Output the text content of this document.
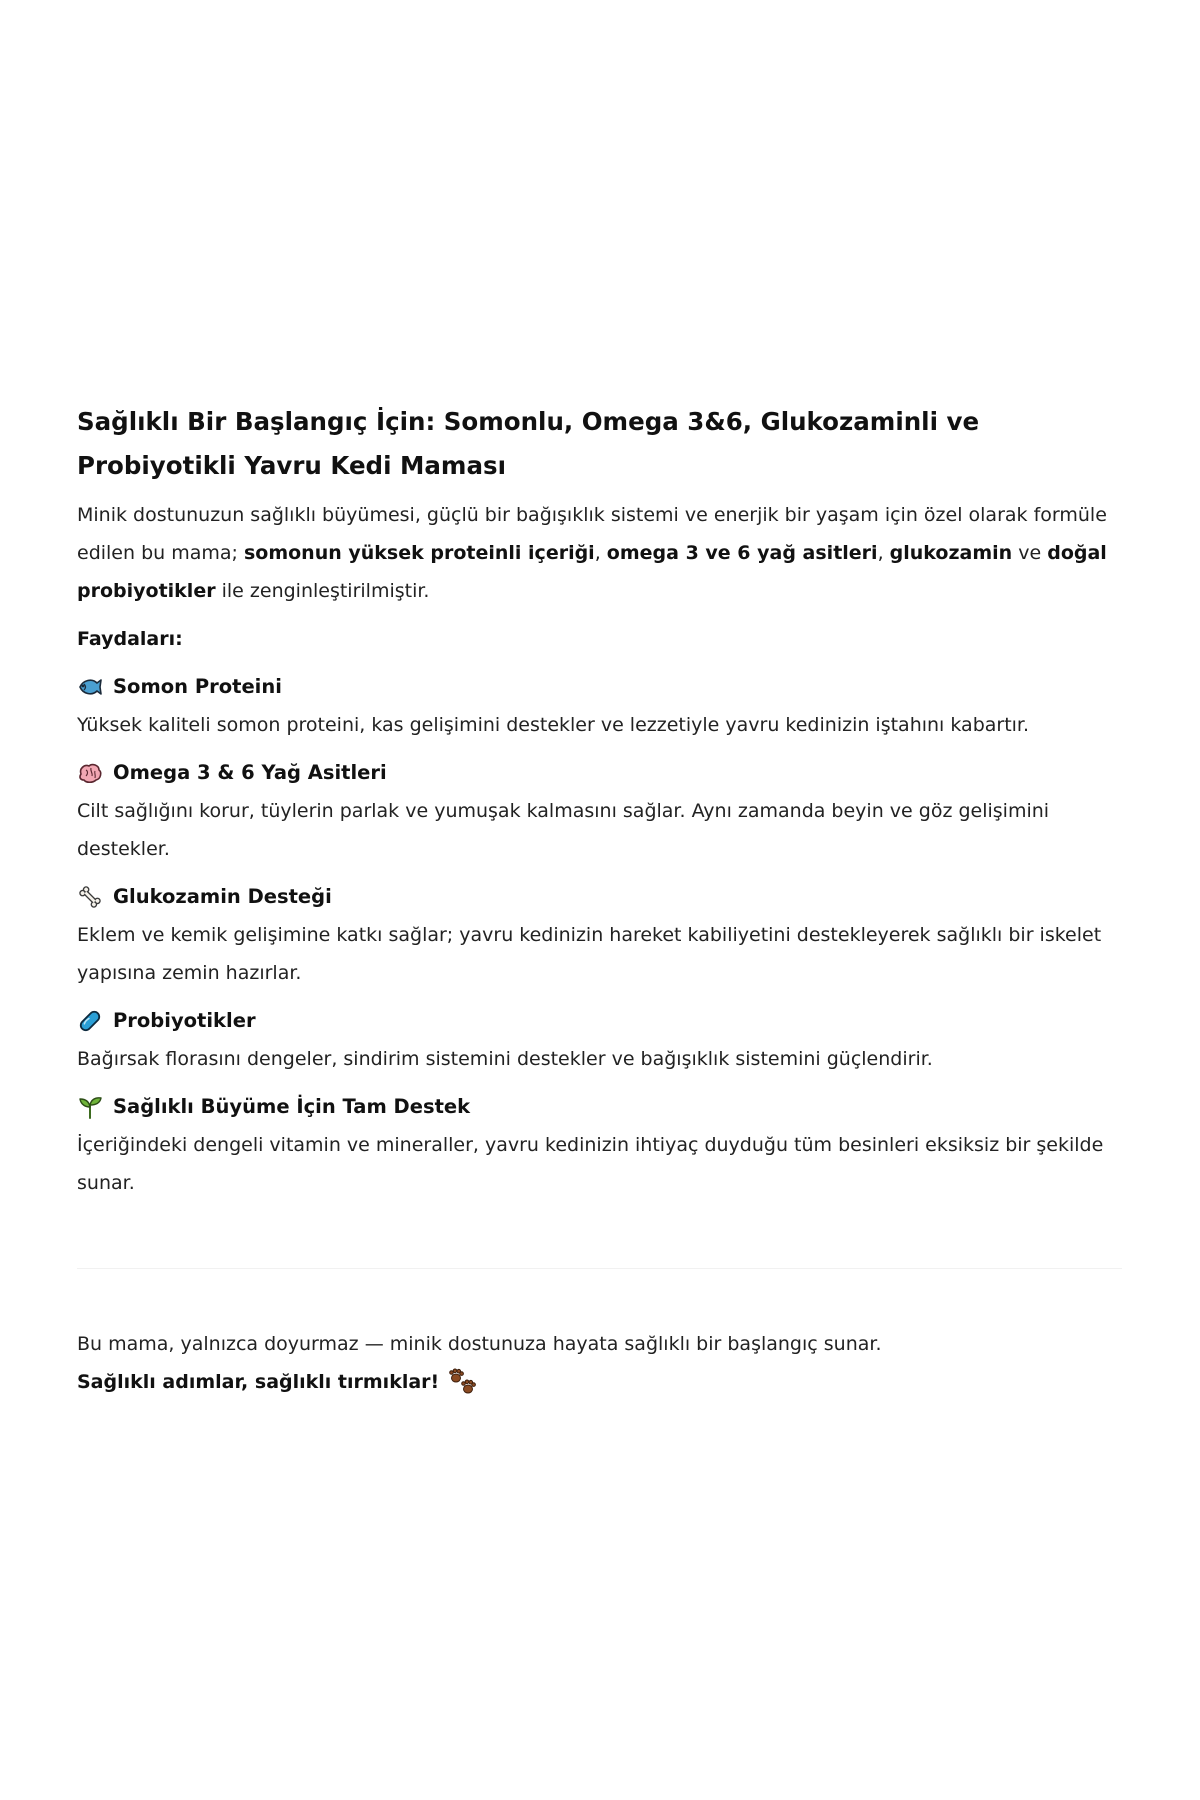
Sağlıklı Bir Başlangıç İçin: Somonlu, Omega 3&6, Glukozaminli ve Probiyotikli Yavru Kedi Maması

Minik dostunuzun sağlıklı büyümesi, güçlü bir bağışıklık sistemi ve enerjik bir yaşam için özel olarak formüle edilen bu mama; somonun yüksek proteinli içeriği, omega 3 ve 6 yağ asitleri, glukozamin ve doğal probiyotikler ile zenginleştirilmiştir.

Faydaları:
Somon Proteini
Yüksek kaliteli somon proteini, kas gelişimini destekler ve lezzetiyle yavru kedinizin iştahını kabartır.
Omega 3 & 6 Yağ Asitleri
Cilt sağlığını korur, tüylerin parlak ve yumuşak kalmasını sağlar. Aynı zamanda beyin ve göz gelişimini destekler.
Glukozamin Desteği
Eklem ve kemik gelişimine katkı sağlar; yavru kedinizin hareket kabiliyetini destekleyerek sağlıklı bir iskelet yapısına zemin hazırlar.
Probiyotikler
Bağırsak florasını dengeler, sindirim sistemini destekler ve bağışıklık sistemini güçlendirir.
Sağlıklı Büyüme İçin Tam Destek
İçeriğindeki dengeli vitamin ve mineraller, yavru kedinizin ihtiyaç duyduğu tüm besinleri eksiksiz bir şekilde sunar.
Bu mama, yalnızca doyurmaz — minik dostunuza hayata sağlıklı bir başlangıç sunar.
Sağlıklı adımlar, sağlıklı tırmıklar!
